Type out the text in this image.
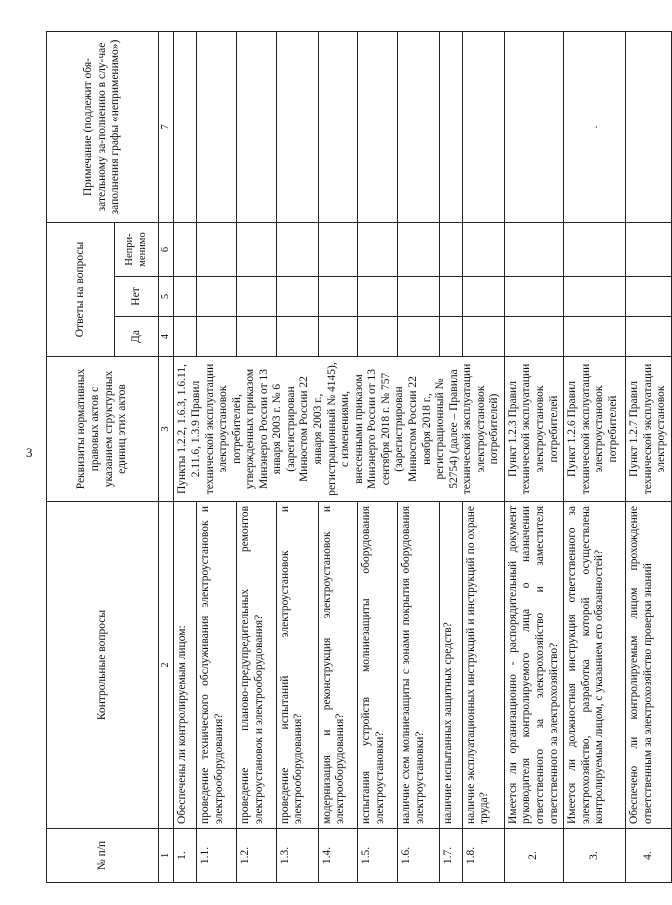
3
№ п/п	Контрольные вопросы	Реквизиты нормативных правовых актов с указанием структурных единиц этих актов	Ответы на вопросы			Примечание (подлежит обя-зательному за-полнению в слу-чае заполнения графы «неприменимо»)
			Да	Нет	Непри-менимо	
1	2	3	4	5	6	7
1.	Обеспечены ли контролируемым лицом:	Пункты 1.2.2, 1.6.3, 1.6.11, 2.11.6, 1.3.9 Правил технической эксплуатации электроустановок потребителей, утвержденных приказом Минэнерго России от 13 января 2003 г. № 6 (зарегистрирован Минюстом России 22 января 2003 г., регистрационный № 4145), с изменениями, внесенными приказом Минэнерго России от 13 сентября 2018 г. № 757 (зарегистрирован Минюстом России 22 ноября 2018 г., регистрационный № 52754) (далее – Правила технической эксплуатации электроустановок потребителей)				
1.1.	проведение технического обслуживания электроустановок и электрооборудования?					
1.2.	проведение планово-предупредительных ремонтов электроустановок и электрооборудования?					
1.3.	проведение испытаний электроустановок и электрооборудования?					
1.4.	модернизация и реконструкция электроустановок и электрооборудования?					
1.5.	испытания устройств молниезащиты оборудования электроустановки?					
1.6.	наличие схем молниезащиты с зонами покрытия оборудования электроустановки?					
1.7.	наличие испытанных защитных средств?					
1.8.	наличие эксплуатационных инструкций и инструкций по охране труда?					
2.	Имеется ли организационно - распорядительный документ руководителя контролируемого лица о назначении ответственного за электрохозяйство и заместителя ответственного за электрохозяйство?	Пункт 1.2.3 Правил технической эксплуатации электроустановок потребителей				
3.	Имеется ли должностная инструкция ответственного за электрохозяйство, разработка которой осуществлена контролируемым лицом, с указанием его обязанностей?	Пункт 1.2.6 Правил технической эксплуатации электроустановок потребителей				.
4.	Обеспечено ли контролируемым лицом прохождение ответственным за электрохозяйство проверки знаний	Пункт 1.2.7 Правил технической эксплуатации электроустановок				
